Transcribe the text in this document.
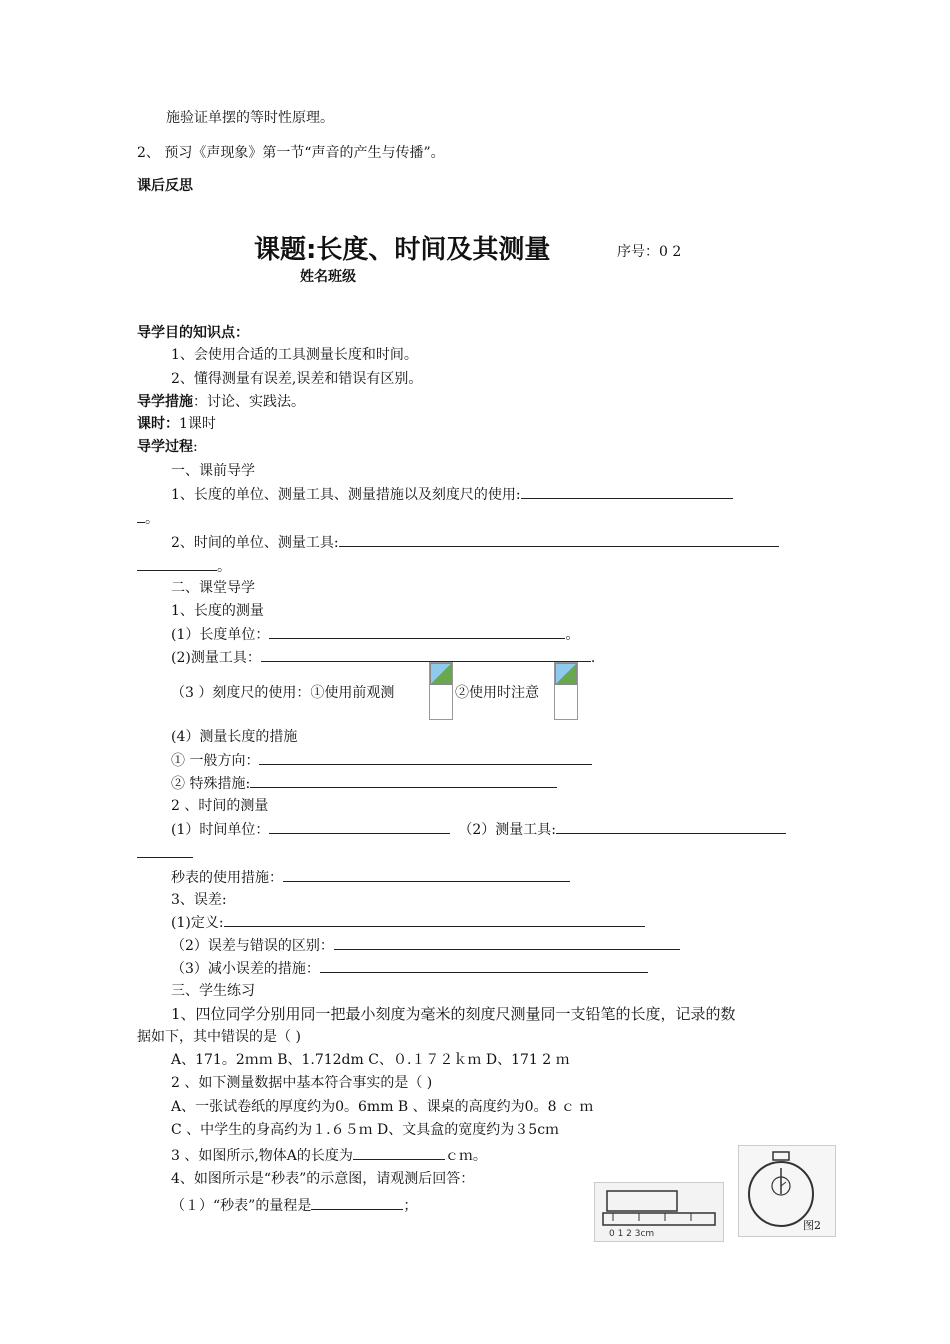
施验证单摆的等时性原理。
2、 预习《声现象》第一节“声音的产生与传播”。
课后反思
课题:长度、时间及其测量	序号：0 2
姓名班级
导学目的知识点：
1、会使用合适的工具测量长度和时间。
2、懂得测量有误差,误差和错误有区别。
导学措施：讨论、实践法。
课时：1课时
导学过程:
一、课前导学
1、长度的单位、测量工具、测量措施以及刻度尺的使用:
。
2、时间的单位、测量工具:
。
二、课堂导学
1、长度的测量
(1）长度单位：	。
(2)测量工具：	.
（3 ）刻度尺的使用：①使用前观测	②使用时注意
(4）测量长度的措施
① 一般方向：
② 特殊措施:
2 、时间的测量
(1）时间单位：	（2）测量工具:
秒表的使用措施：
3、误差:
(1)定义:
（2）误差与错误的区别：
（3）减小误差的措施：
三、学生练习
1、四位同学分别用同一把最小刻度为毫米的刻度尺测量同一支铅笔的长度，记录的数
据如下，其中错误的是（ )
A、171。2ｍｍ B、1.712dm C、０.１７２ｋｍ D、171 2 ｍ
2 、如下测量数据中基本符合事实的是（ )
A、一张试卷纸的厚度约为0。6mm B 、课桌的高度约为0。8 ｃ ｍ
C 、中学生的身高约为１.６５ｍ D、文具盒的宽度约为３5cｍ
3 、如图所示,物体A的长度为	ｃｍ。
4、如图所示是“秒表”的示意图，请观测后回答：
（１）“秒表”的量程是	；
0 1 2 3cm
图2
